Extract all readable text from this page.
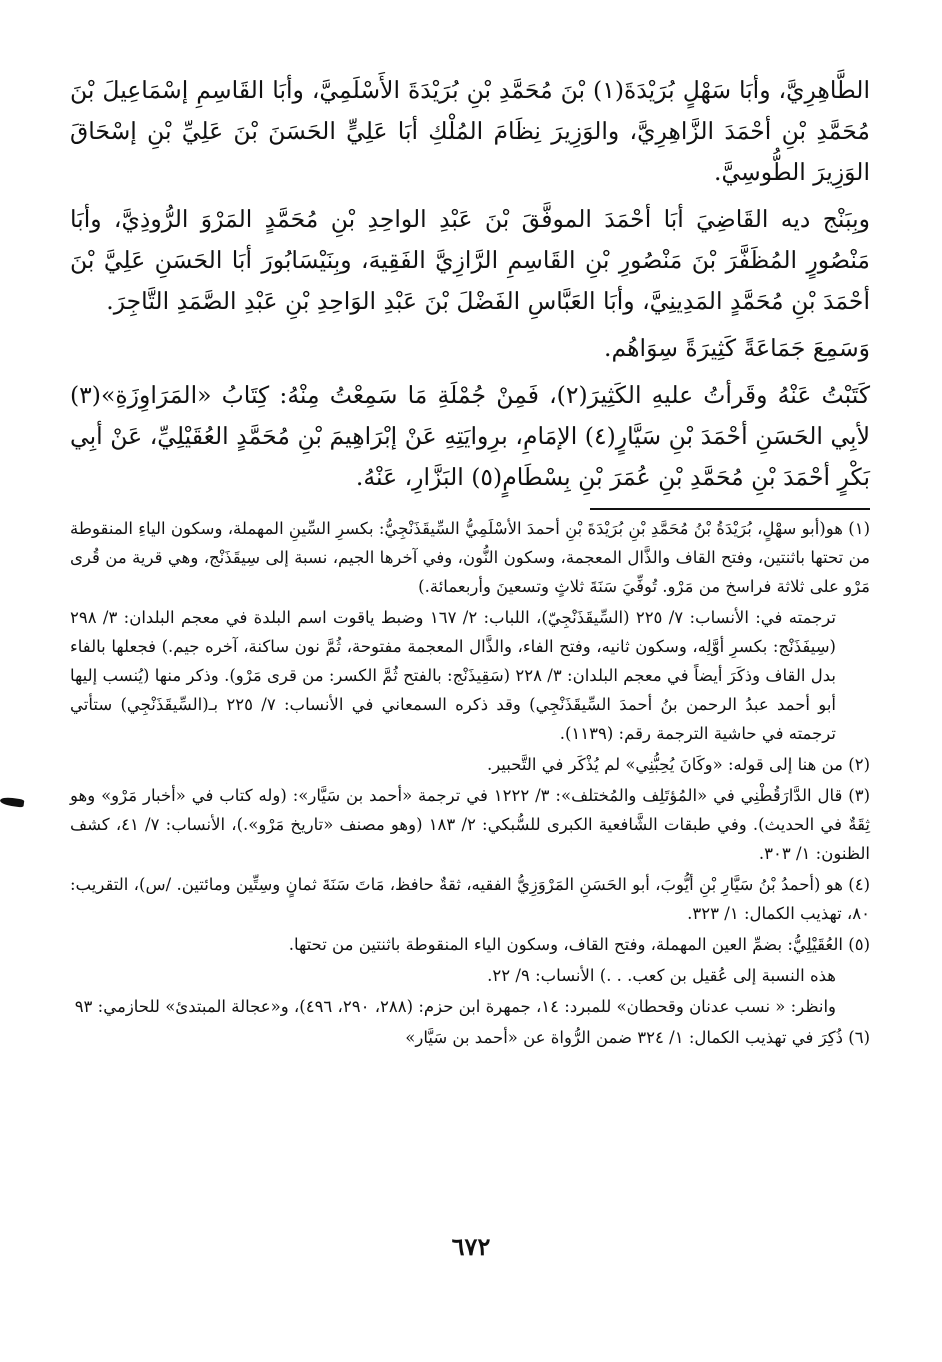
الطَّاهِرِيَّ، وأبَا سَهْلٍ بُرَيْدَةَ(١) بْنَ مُحَمَّدِ بْنِ بُرَيْدَةَ الأَسْلَمِيَّ، وأبَا القَاسِمِ إسْمَاعِيلَ بْنَ مُحَمَّدِ بْنِ أحْمَدَ الزَّاهِرِيَّ، والوَزِيرَ نِظَامَ المُلْكِ أبَا عَلِيٍّ الحَسَنَ بْنَ عَلِيِّ بْنِ إسْحَاقَ الوَزِيرَ الطُّوسِيَّ.

وبِبَنْج ديه القَاضِيَ أبَا أحْمَدَ الموفَّقَ بْنَ عَبْدِ الواحِدِ بْنِ مُحَمَّدٍ المَرْوَ الرُّوذِيَّ، وأبَا مَنْصُورٍ المُظَفَّرَ بْنَ مَنْصُورِ بْنِ القَاسِمِ الرَّازِيَّ الفَقِيهَ، وبِنَيْسَابُورَ أبَا الحَسَنِ عَلِيَّ بْنَ أحْمَدَ بْنِ مُحَمَّدٍ المَدِينِيَّ، وأبَا العَبَّاسِ الفَضْلَ بْنَ عَبْدِ الوَاحِدِ بْنِ عَبْدِ الصَّمَدِ التَّاجِرَ.

وَسَمِعَ جَمَاعَةً كَثِيرَةً سِوَاهُم.

كَتَبْتُ عَنْهُ وقَرأتُ عليهِ الكَثِيرَ(٢)، فَمِنْ جُمْلَةِ مَا سَمِعْتُ مِنْهُ: كِتَابُ «المَرَاوِزَةِ»(٣) لأبِي الحَسَنِ أحْمَدَ بْنِ سَيَّارٍ(٤) الإمَامِ، برِوايَتِهِ عَنْ إبْرَاهِيمَ بْنِ مُحَمَّدٍ العُقَيْلِيِّ، عَنْ أبِي بَكْرٍ أحْمَدَ بْنِ مُحَمَّدِ بْنِ عُمَرَ بْنِ بِسْطَامٍ(٥) البَزَّارِ، عَنْهُ.

(١) هو(أبو سهْلٍ، بُرَيْدَةُ بْنُ مُحَمَّدِ بْنِ بُرَيْدَةَ بْنِ أحمدَ الأسْلَمِيُّ السِّيقَذَنْجِيُّ: بكسرِ السِّينِ المهملة، وسكون الياءِ المنقوطة من تحتها باثنتين، وفتح القاف والذَّال المعجمة، وسكون النُّون، وفي آخرها الجيم، نسبة إلى سِيقَذَنْج، وهي قرية من قُرى مَرْو على ثلاثة فراسخ من مَرْو. تُوفِّيَ سَنَةَ ثلاثٍ وتسعينَ وأربعمائة.)

ترجمته في: الأنساب: ٧/ ٢٢٥ (السِّيقَذَنْجِيّ)، اللباب: ٢/ ١٦٧ وضبط ياقوت اسم البلدة في معجم البلدان: ٣/ ٢٩٨ (سِيفَذَنْج: بكسرِ أوَّلِه، وسكون ثانيه، وفتح الفاء، والذَّال المعجمة مفتوحة، ثُمَّ نون ساكنة، آخره جيم.) فجعلها بالفاء بدل القاف وذكَرَ أيضاً في معجم البلدان: ٣/ ٢٢٨ (سَقِيذَنْج: بالفتح ثُمَّ الكسر: من قرى مَرْو). وذكر منها (يُنسب إليها أبو أحمد عبدُ الرحمن بنُ أحمدَ السِّيقَذَنْجِي) وقد ذكره السمعاني في الأنساب: ٧/ ٢٢٥ بـ(السِّيقَذَنْجِي) ستأتي ترجمته في حاشية الترجمة رقم: (١١٣٩).

(٢) من هنا إلى قوله: «وكَانَ يُحِبُّنِي» لم يُذْكَر في التَّحبير.

(٣) قال الدَّارَقُطْنِي في «المُؤتَلِف والمُختلف»: ٣/ ١٢٢٢ في ترجمة «أحمد بن سَيَّار»: (وله كتاب في «أخبار مَرْو» وهو ثِقَةٌ في الحديث). وفي طبقات الشَّافعية الكبرى للسُّبكي: ٢/ ١٨٣ (وهو مصنف «تاريخ مَرْو».)، الأنساب: ٧/ ٤١، كشف الظنون: ١/ ٣٠٣.

(٤) هو (أحمدُ بْنُ سَيَّارِ بْنِ أيُّوبَ، أبو الحَسَنِ المَرْوَزِيُّ الفقيه، ثقةٌ حافظ، مَاتَ سَنَةَ ثمانٍ وسِتِّين ومائتين. /س)، التقريب: ٨٠، تهذيب الكمال: ١/ ٣٢٣.

(٥) العُقَيْلِيُّ: بضمِّ العين المهملة، وفتح القاف، وسكون الياء المنقوطة باثنتين من تحتها.

هذه النسبة إلى عُقيل بن كعب. . .) الأنساب: ٩/ ٢٢.

وانظر: « نسب عدنان وقحطان» للمبرد: ١٤، جمهرة ابن حزم: (٢٨٨، ٢٩٠، ٤٩٦)، و«عجالة المبتدئ» للحازمي: ٩٣

(٦) ذُكِرَ في تهذيب الكمال: ١/ ٣٢٤ ضمن الرُّواة عن «أحمد بن سَيَّار»

٦٧٢
